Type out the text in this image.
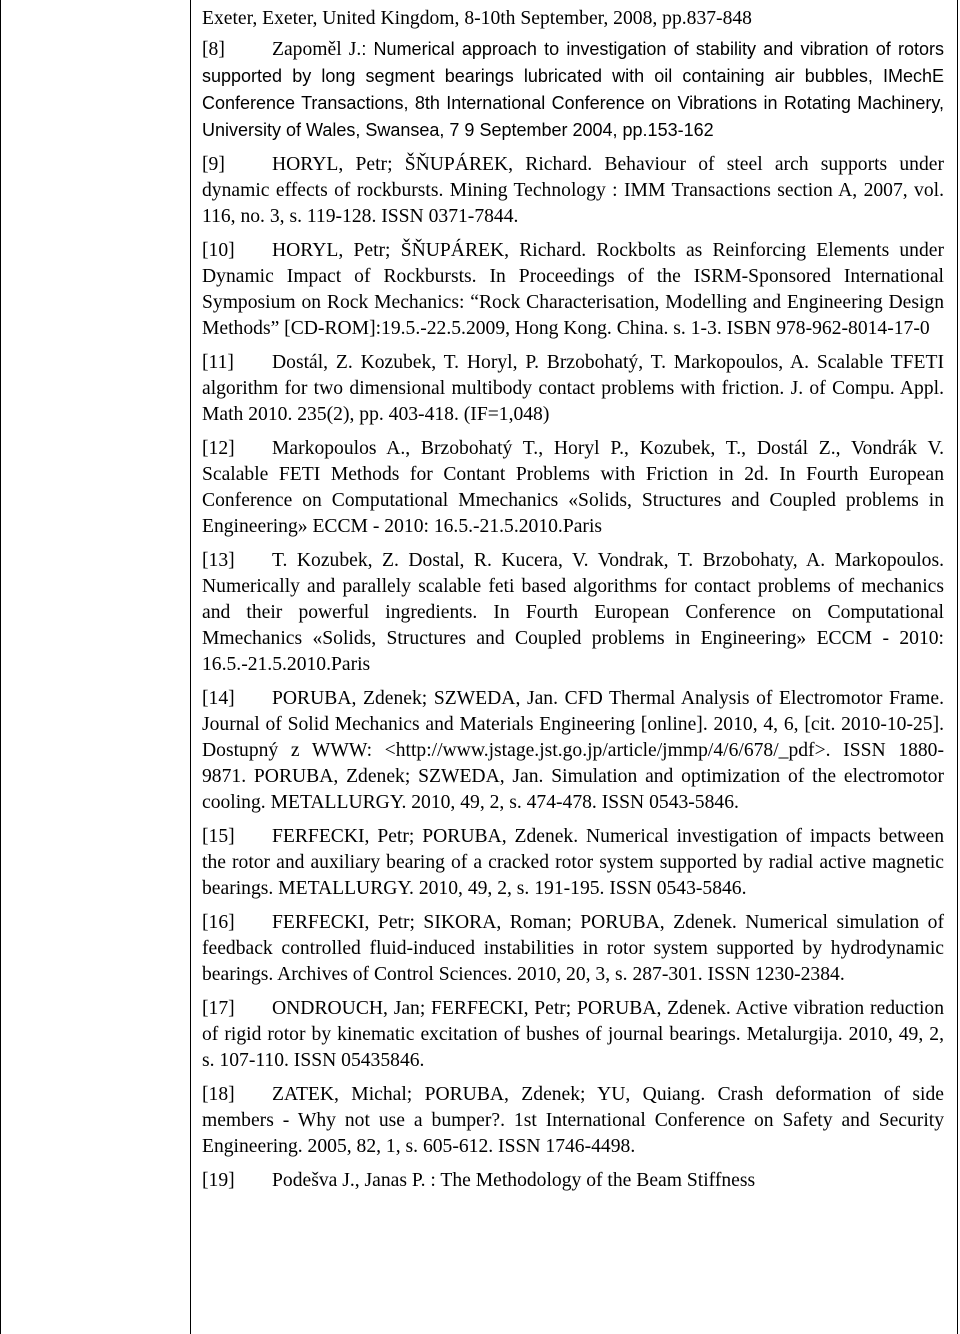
Exeter, Exeter, United Kingdom, 8-10th September, 2008, pp.837-848
[8] Zapoměl J.: Numerical approach to investigation of stability and vibration of rotors supported by long segment bearings lubricated with oil containing air bubbles, IMechE Conference Transactions, 8th International Conference on Vibrations in Rotating Machinery, University of Wales, Swansea, 7 9 September 2004, pp.153-162
[9] HORYL, Petr; ŠŇUPÁREK, Richard. Behaviour of steel arch supports under dynamic effects of rockbursts. Mining Technology : IMM Transactions section A, 2007, vol. 116, no. 3, s. 119-128. ISSN 0371-7844.
[10] HORYL, Petr; ŠŇUPÁREK, Richard. Rockbolts as Reinforcing Elements under Dynamic Impact of Rockbursts. In Proceedings of the ISRM-Sponsored International Symposium on Rock Mechanics: “Rock Characterisation, Modelling and Engineering Design Methods” [CD-ROM]:19.5.-22.5.2009, Hong Kong. China. s. 1-3. ISBN 978-962-8014-17-0
[11] Dostál, Z. Kozubek, T. Horyl, P. Brzobohatý, T. Markopoulos, A. Scalable TFETI algorithm for two dimensional multibody contact problems with friction. J. of Compu. Appl. Math 2010. 235(2), pp. 403-418. (IF=1,048)
[12] Markopoulos A., Brzobohatý T., Horyl P., Kozubek, T., Dostál Z., Vondrák V. Scalable FETI Methods for Contant Problems with Friction in 2d. In Fourth European Conference on Computational Mmechanics «Solids, Structures and Coupled problems in Engineering» ECCM - 2010: 16.5.-21.5.2010.Paris
[13] T. Kozubek, Z. Dostal, R. Kucera, V. Vondrak, T. Brzobohaty, A. Markopoulos. Numerically and parallely scalable feti based algorithms for contact problems of mechanics and their powerful ingredients. In Fourth European Conference on Computational Mmechanics «Solids, Structures and Coupled problems in Engineering» ECCM - 2010: 16.5.-21.5.2010.Paris
[14] PORUBA, Zdenek; SZWEDA, Jan. CFD Thermal Analysis of Electromotor Frame. Journal of Solid Mechanics and Materials Engineering [online]. 2010, 4, 6, [cit. 2010-10-25]. Dostupný z WWW: <http://www.jstage.jst.go.jp/article/jmmp/4/6/678/_pdf>. ISSN 1880-9871. PORUBA, Zdenek; SZWEDA, Jan. Simulation and optimization of the electromotor cooling. METALLURGY. 2010, 49, 2, s. 474-478. ISSN 0543-5846.
[15] FERFECKI, Petr; PORUBA, Zdenek. Numerical investigation of impacts between the rotor and auxiliary bearing of a cracked rotor system supported by radial active magnetic bearings. METALLURGY. 2010, 49, 2, s. 191-195. ISSN 0543-5846.
[16] FERFECKI, Petr; SIKORA, Roman; PORUBA, Zdenek. Numerical simulation of feedback controlled fluid-induced instabilities in rotor system supported by hydrodynamic bearings. Archives of Control Sciences. 2010, 20, 3, s. 287-301. ISSN 1230-2384.
[17] ONDROUCH, Jan; FERFECKI, Petr; PORUBA, Zdenek. Active vibration reduction of rigid rotor by kinematic excitation of bushes of journal bearings. Metalurgija. 2010, 49, 2, s. 107-110. ISSN 05435846.
[18] ZATEK, Michal; PORUBA, Zdenek; YU, Quiang. Crash deformation of side members - Why not use a bumper?. 1st International Conference on Safety and Security Engineering. 2005, 82, 1, s. 605-612. ISSN 1746-4498.
[19] Podešva J., Janas P. : The Methodology of the Beam Stiffness
